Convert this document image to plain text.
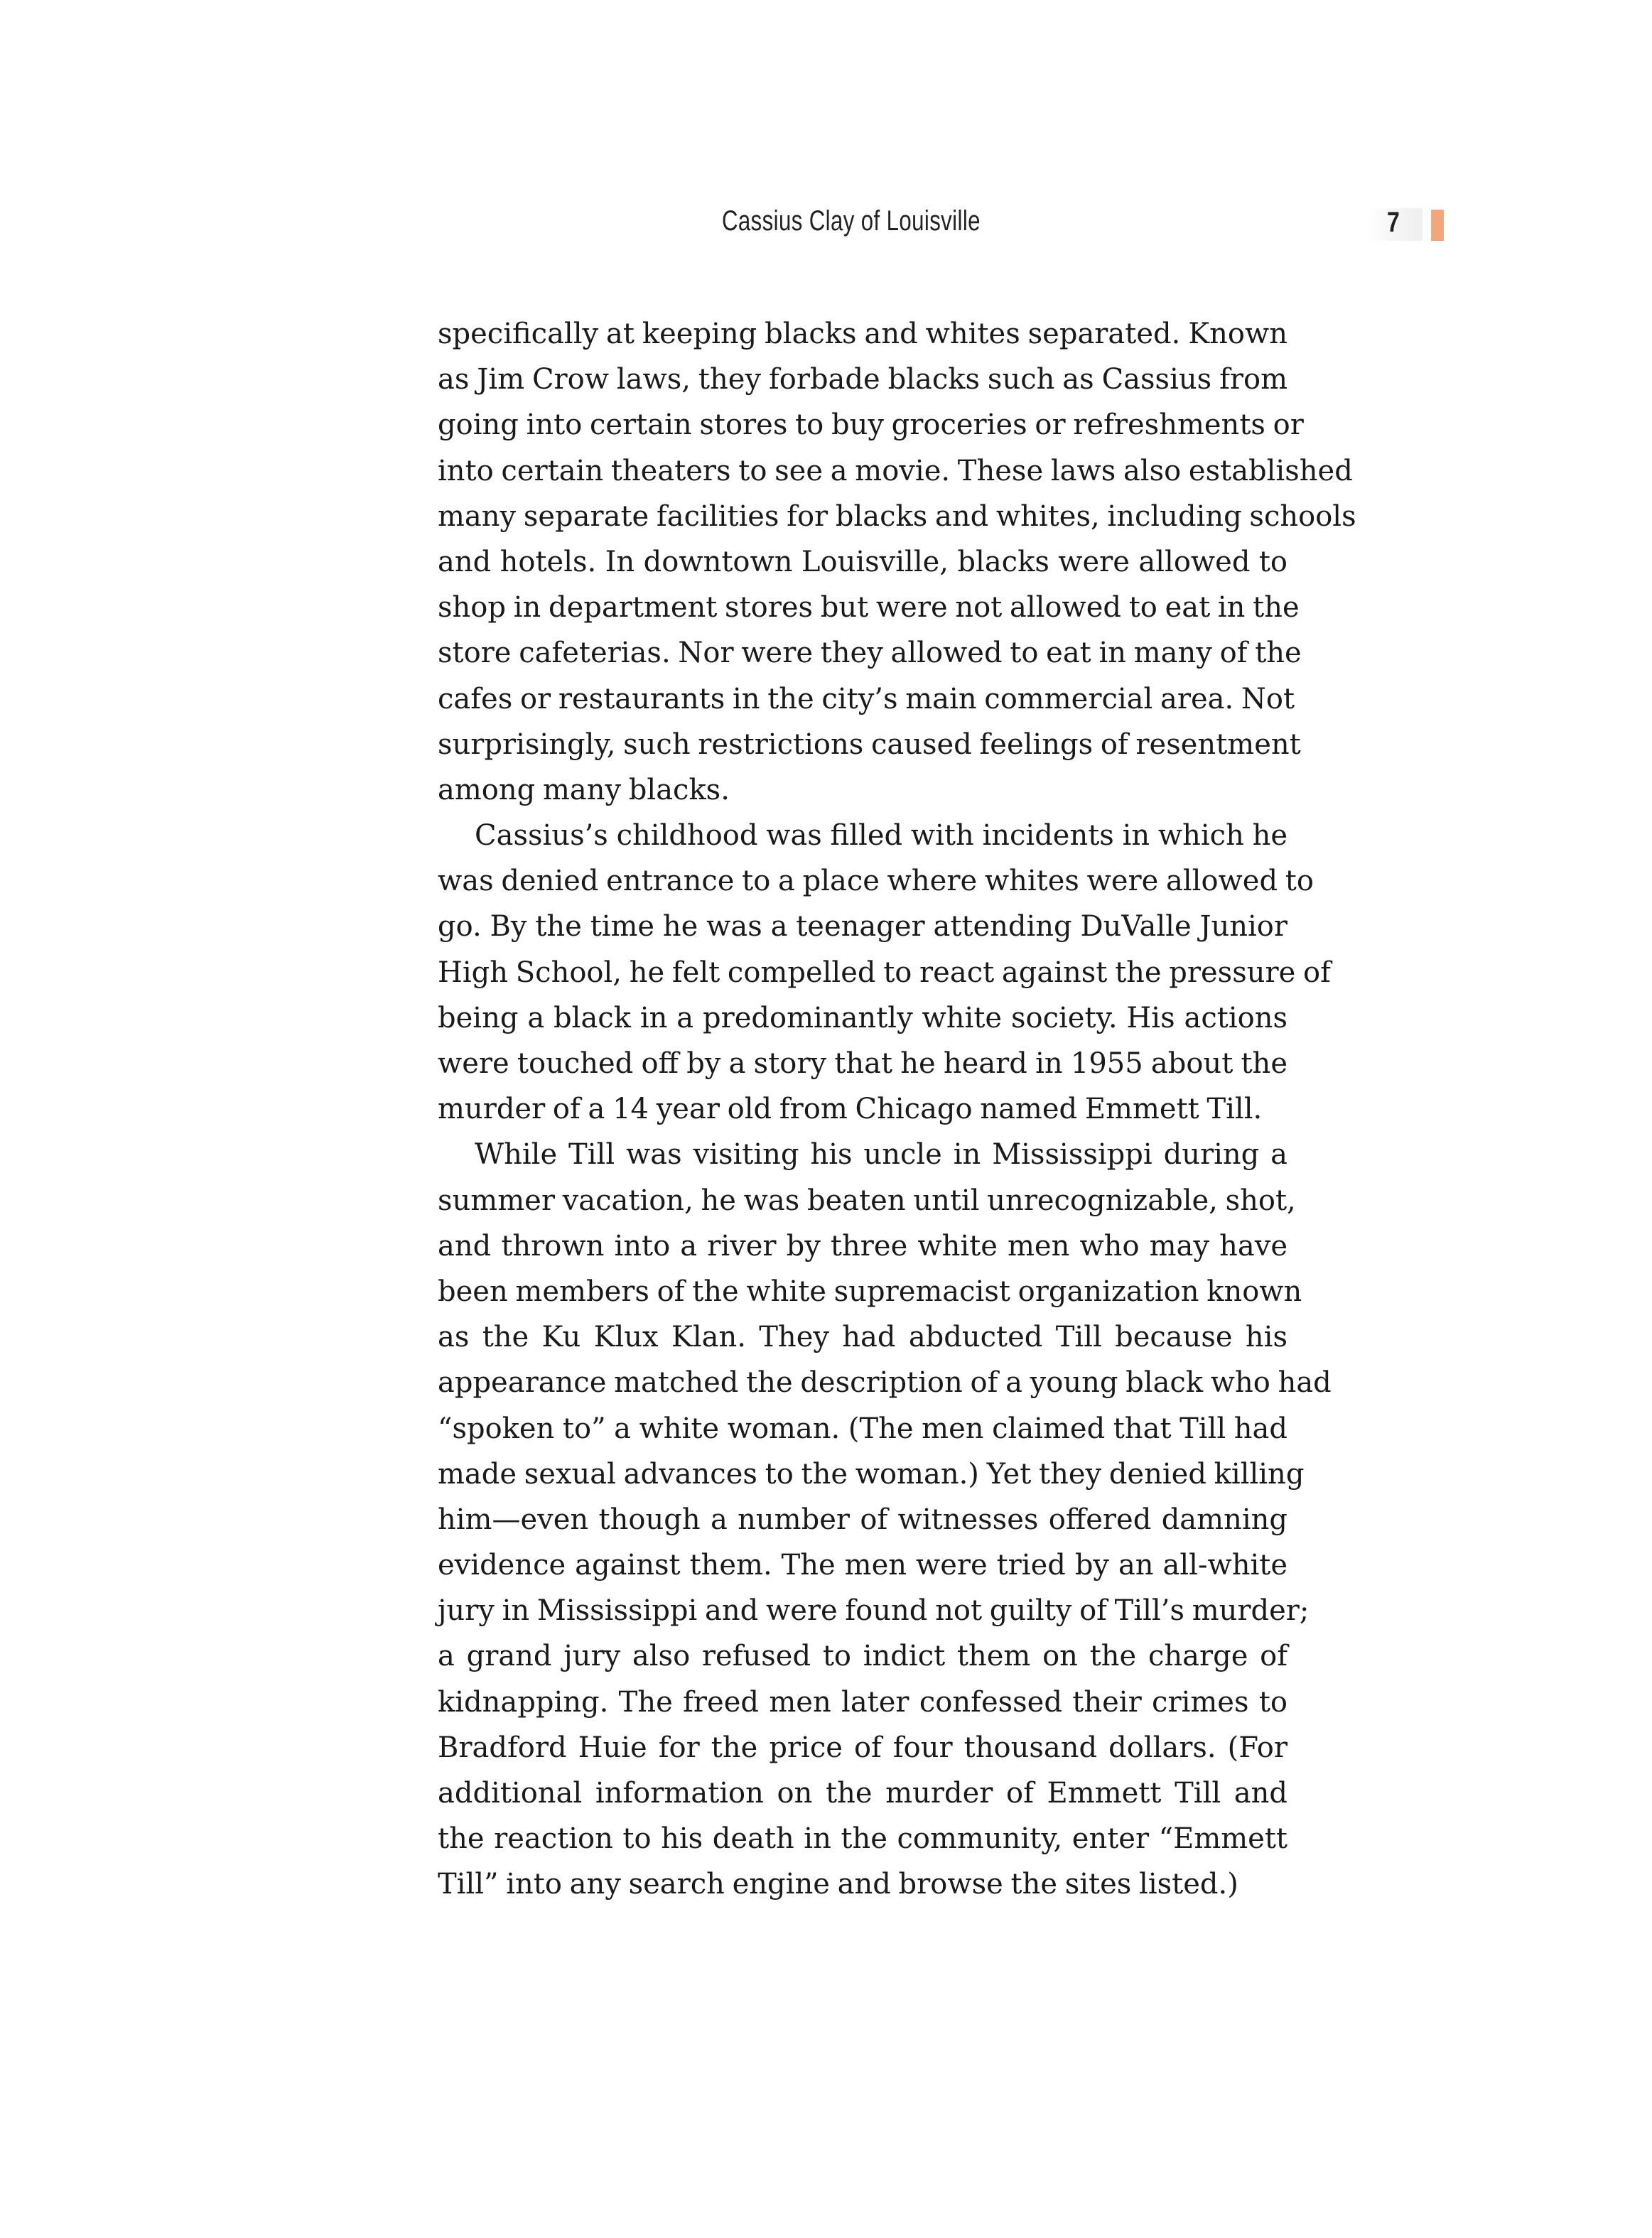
Cassius Clay of Louisville	7
specifically at keeping blacks and whites separated. Known
as Jim Crow laws, they forbade blacks such as Cassius from
going into certain stores to buy groceries or refreshments or
into certain theaters to see a movie. These laws also established
many separate facilities for blacks and whites, including schools
and hotels. In downtown Louisville, blacks were allowed to
shop in department stores but were not allowed to eat in the
store cafeterias. Nor were they allowed to eat in many of the
cafes or restaurants in the city’s main commercial area. Not
surprisingly, such restrictions caused feelings of resentment
among many blacks.
Cassius’s childhood was filled with incidents in which he
was denied entrance to a place where whites were allowed to
go. By the time he was a teenager attending DuValle Junior
High School, he felt compelled to react against the pressure of
being a black in a predominantly white society. His actions
were touched off by a story that he heard in 1955 about the
murder of a 14 year old from Chicago named Emmett Till.
While Till was visiting his uncle in Mississippi during a
summer vacation, he was beaten until unrecognizable, shot,
and thrown into a river by three white men who may have
been members of the white supremacist organization known
as the Ku Klux Klan. They had abducted Till because his
appearance matched the description of a young black who had
“spoken to” a white woman. (The men claimed that Till had
made sexual advances to the woman.) Yet they denied killing
him—even though a number of witnesses offered damning
evidence against them. The men were tried by an all-white
jury in Mississippi and were found not guilty of Till’s murder;
a grand jury also refused to indict them on the charge of
kidnapping. The freed men later confessed their crimes to
Bradford Huie for the price of four thousand dollars. (For
additional information on the murder of Emmett Till and
the reaction to his death in the community, enter “Emmett
Till” into any search engine and browse the sites listed.)
